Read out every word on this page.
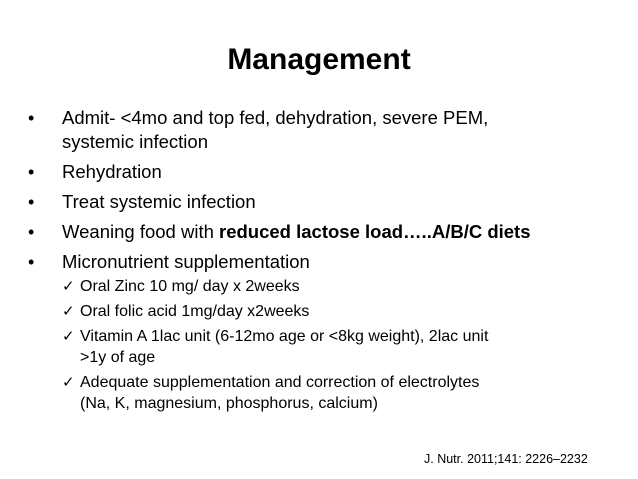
Management
• Admit- <4mo and top fed, dehydration, severe PEM,
systemic infection
• Rehydration
• Treat systemic infection
• Weaning food with reduced lactose load…..A/B/C diets
• Micronutrient supplementation
✓ Oral Zinc 10 mg/ day x 2weeks
✓ Oral folic acid 1mg/day x2weeks
✓ Vitamin A 1lac unit (6-12mo age or <8kg weight), 2lac unit
>1y of age
✓ Adequate supplementation and correction of electrolytes
(Na, K, magnesium, phosphorus, calcium)
J. Nutr. 2011;141: 2226–2232
